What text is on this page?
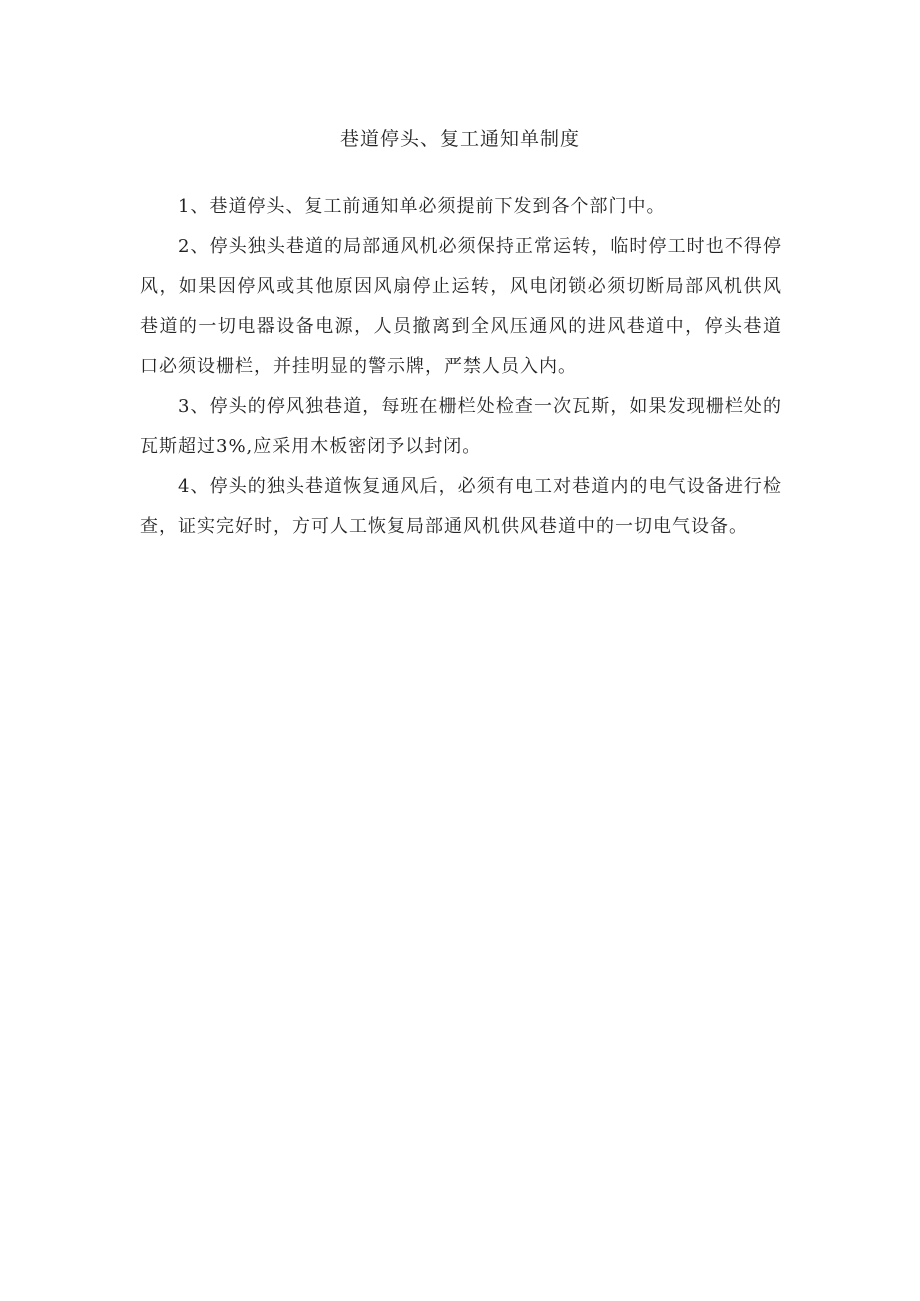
巷道停头、复工通知单制度

1、巷道停头、复工前通知单必须提前下发到各个部门中。

2、停头独头巷道的局部通风机必须保持正常运转，临时停工时也不得停风，如果因停风或其他原因风扇停止运转，风电闭锁必须切断局部风机供风巷道的一切电器设备电源，人员撤离到全风压通风的进风巷道中，停头巷道口必须设栅栏，并挂明显的警示牌，严禁人员入内。

3、停头的停风独巷道，每班在栅栏处检查一次瓦斯，如果发现栅栏处的瓦斯超过3%,应采用木板密闭予以封闭。

4、停头的独头巷道恢复通风后，必须有电工对巷道内的电气设备进行检查，证实完好时，方可人工恢复局部通风机供风巷道中的一切电气设备。
